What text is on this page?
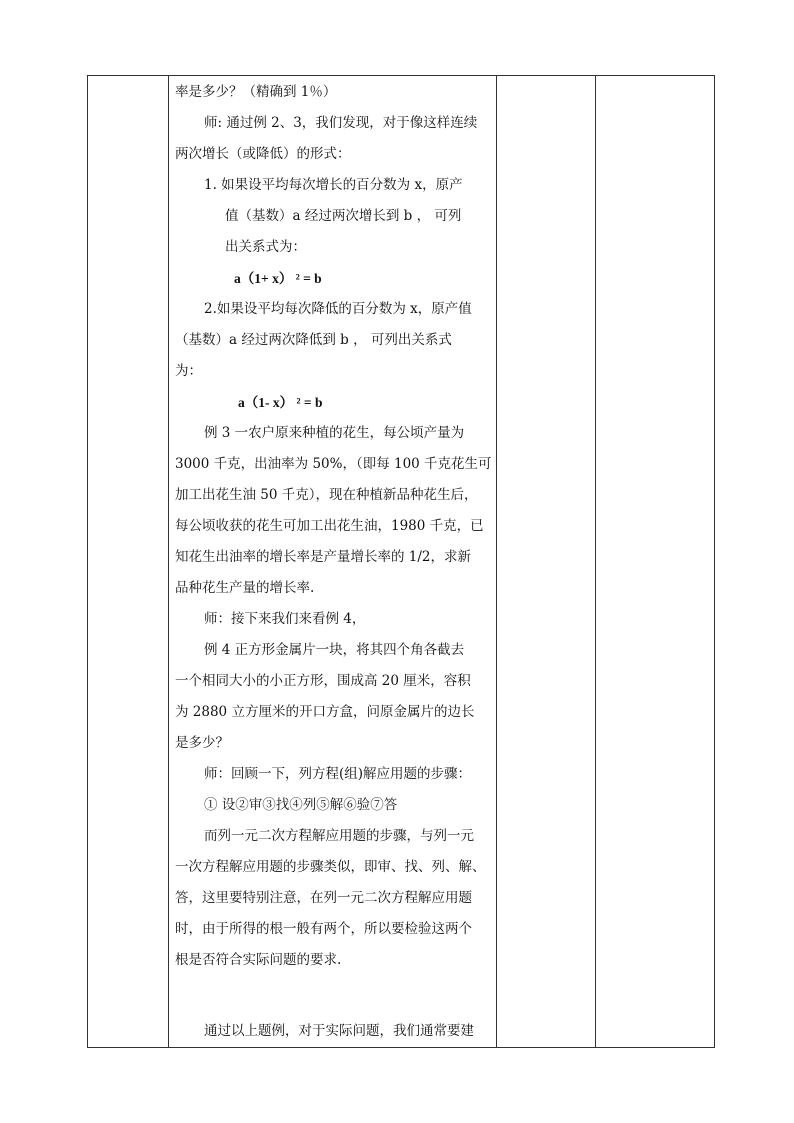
率是多少？（精确到 1％）

师: 通过例 2、3，我们发现，对于像这样连续

两次增长（或降低）的形式：

1. 如果设平均每次增长的百分数为 x，原产

值（基数）a 经过两次增长到 b ， 可列

出关系式为：

a（1+ x） ² = b

2.如果设平均每次降低的百分数为 x，原产值

（基数）a 经过两次降低到 b ， 可列出关系式

为：

a（1- x） ² = b

例 3 一农户原来种植的花生，每公顷产量为

3000 千克，出油率为 50%，（即每 100 千克花生可

加工出花生油 50 千克），现在种植新品种花生后，

每公顷收获的花生可加工出花生油，1980 千克，已

知花生出油率的增长率是产量增长率的 1/2，求新

品种花生产量的增长率.

师：接下来我们来看例 4，

例 4 正方形金属片一块，将其四个角各截去

一个相同大小的小正方形，围成高 20 厘米，容积

为 2880 立方厘米的开口方盒，问原金属片的边长

是多少？

师：回顾一下，列方程(组)解应用题的步骤：

① 设②审③找④列⑤解⑥验⑦答

而列一元二次方程解应用题的步骤，与列一元

一次方程解应用题的步骤类似，即审、找、列、解、

答，这里要特别注意，在列一元二次方程解应用题

时，由于所得的根一般有两个，所以要检验这两个

根是否符合实际问题的要求.

通过以上题例，对于实际问题，我们通常要建
